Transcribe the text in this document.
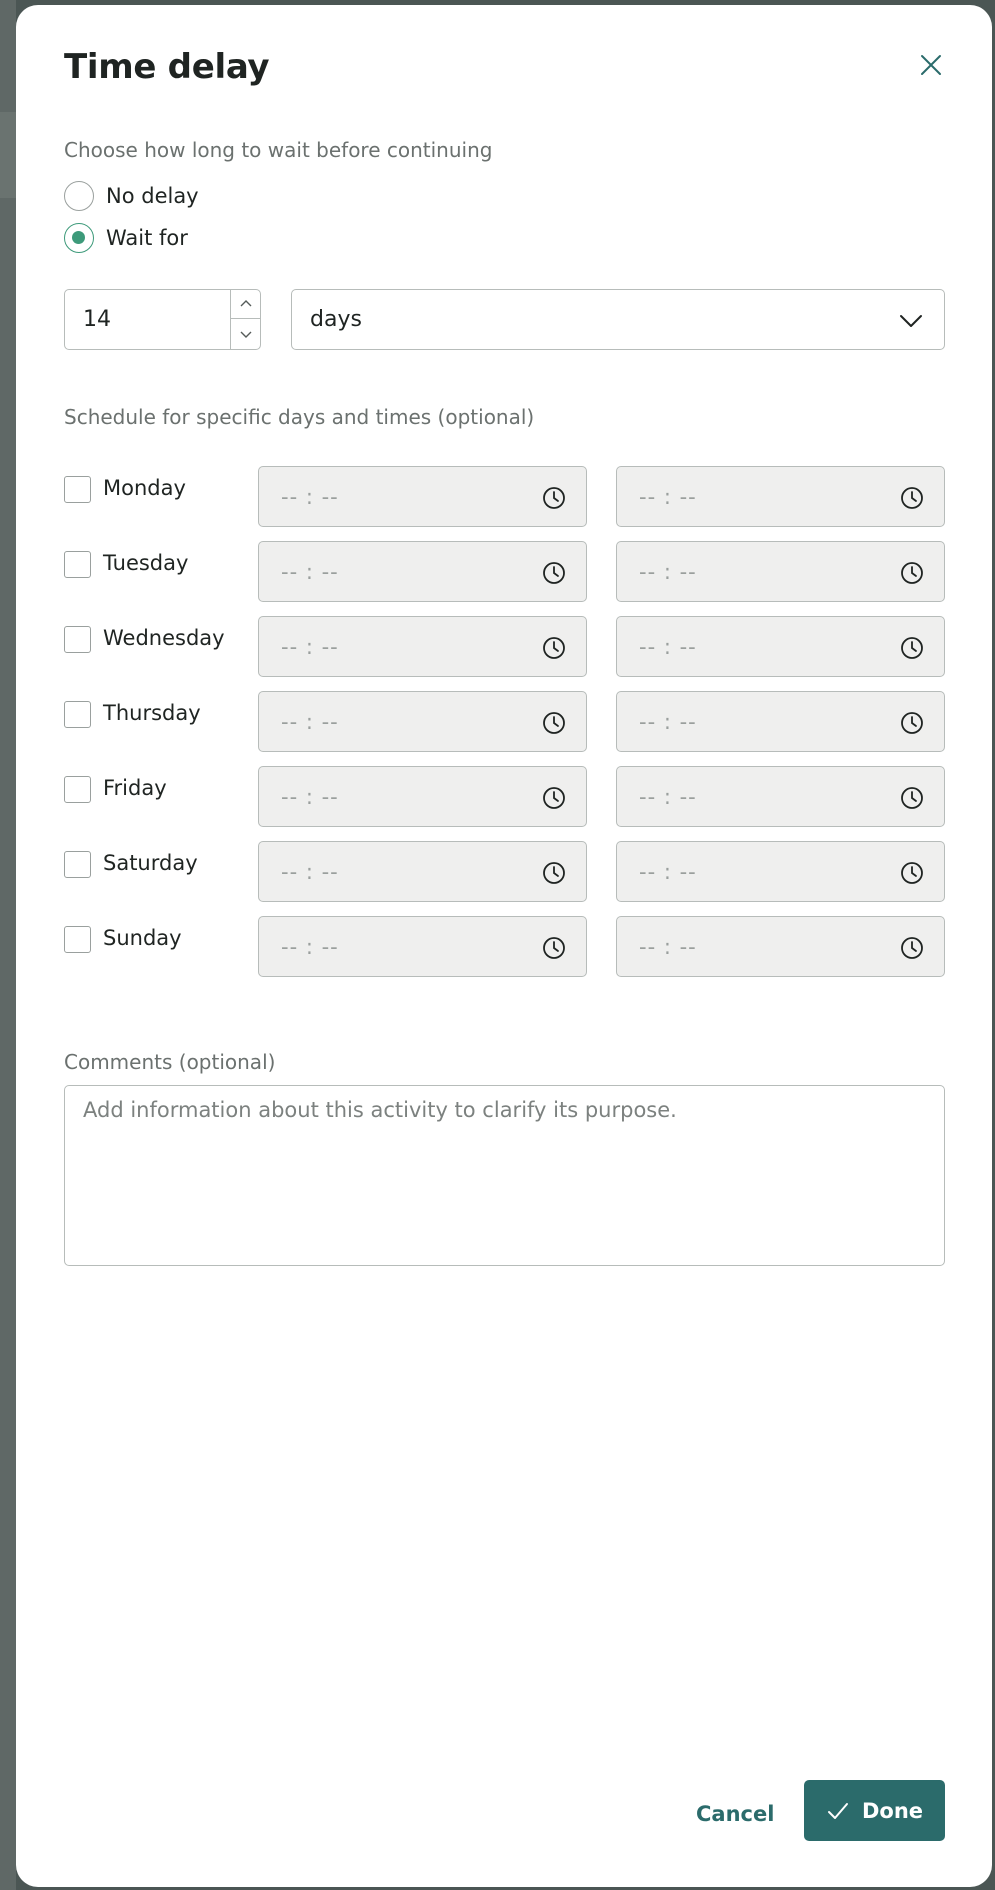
Time delay
Choose how long to wait before continuing
No delay
Wait for
14	days
Schedule for specific days and times (optional)
Monday	-- : --	-- : --
Tuesday	-- : --	-- : --
Wednesday	-- : --	-- : --
Thursday	-- : --	-- : --
Friday	-- : --	-- : --
Saturday	-- : --	-- : --
Sunday	-- : --	-- : --
Comments (optional)
Add information about this activity to clarify its purpose.
Cancel	Done
